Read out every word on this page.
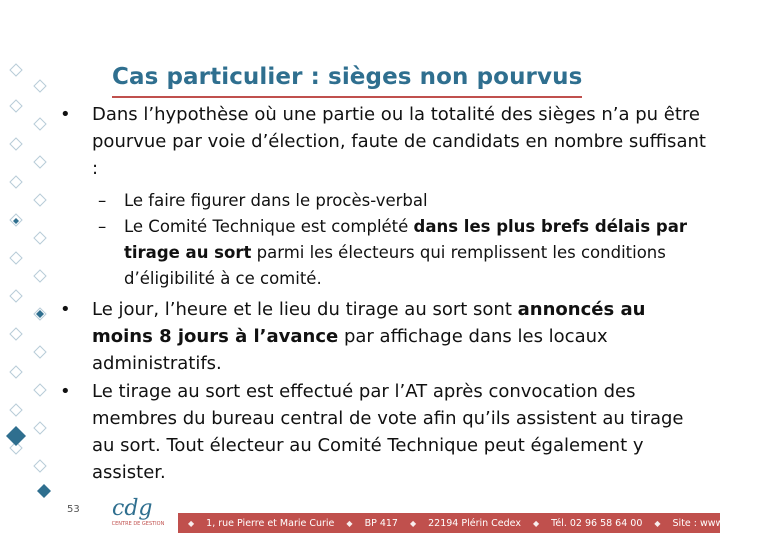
Cas particulier : sièges non pourvus

• Dans l’hypothèse où une partie ou la totalité des sièges n’a pu être pourvue par voie d’élection, faute de candidats en nombre suffisant :

– Le faire figurer dans le procès-verbal

– Le Comité Technique est complété dans les plus brefs délais par tirage au sort parmi les électeurs qui remplissent les conditions d’éligibilité à ce comité.

• Le jour, l’heure et le lieu du tirage au sort sont annoncés au moins 8 jours à l’avance par affichage dans les locaux administratifs.

• Le tirage au sort est effectué par l’AT après convocation des membres du bureau central de vote afin qu’ils assistent au tirage au sort. Tout électeur au Comité Technique peut également y assister.

53 cdg
CENTRE DE GESTION	◆ 1, rue Pierre et Marie Curie ◆ BP 417 ◆ 22194 Plérin Cedex ◆ Tél. 02 96 58 64 00 ◆ Site : www.cdg22.fr
